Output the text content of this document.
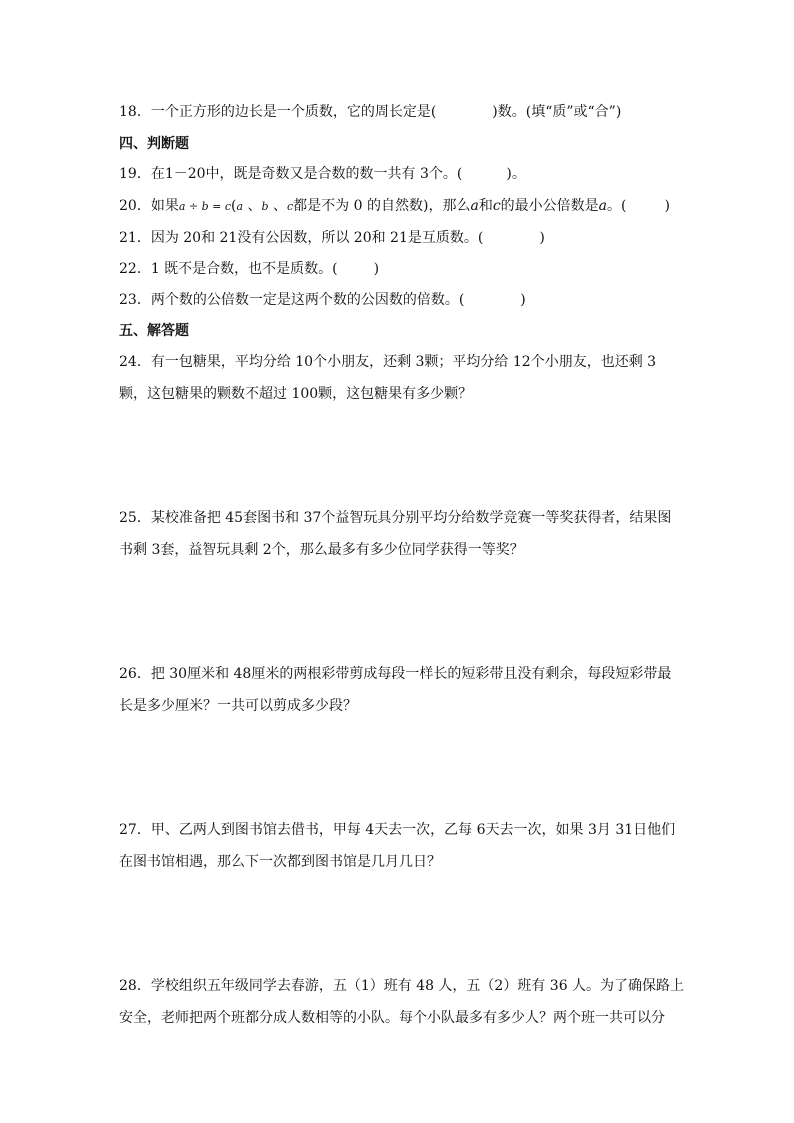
18．一个正方形的边长是一个质数，它的周长定是(	)数。(填“质”或“合”)
四、判断题
19．在1－20中，既是奇数又是合数的数一共有 3个。(	)。
20．如果a ÷ b = c(a 、b 、c都是不为 0 的自然数)，那么a和c的最小公倍数是a。(	)
21．因为 20和 21没有公因数，所以 20和 21是互质数。(	)
22．1 既不是合数，也不是质数。(	)
23．两个数的公倍数一定是这两个数的公因数的倍数。(	)
五、解答题
24．有一包糖果，平均分给 10个小朋友，还剩 3颗；平均分给 12个小朋友，也还剩 3
颗，这包糖果的颗数不超过 100颗，这包糖果有多少颗？
25．某校准备把 45套图书和 37个益智玩具分别平均分给数学竞赛一等奖获得者，结果图
书剩 3套，益智玩具剩 2个，那么最多有多少位同学获得一等奖？
26．把 30厘米和 48厘米的两根彩带剪成每段一样长的短彩带且没有剩余，每段短彩带最
长是多少厘米？一共可以剪成多少段？
27．甲、乙两人到图书馆去借书，甲每 4天去一次，乙每 6天去一次，如果 3月 31日他们
在图书馆相遇，那么下一次都到图书馆是几月几日？
28．学校组织五年级同学去春游，五（1）班有 48 人，五（2）班有 36 人。为了确保路上
安全，老师把两个班都分成人数相等的小队。每个小队最多有多少人？两个班一共可以分
